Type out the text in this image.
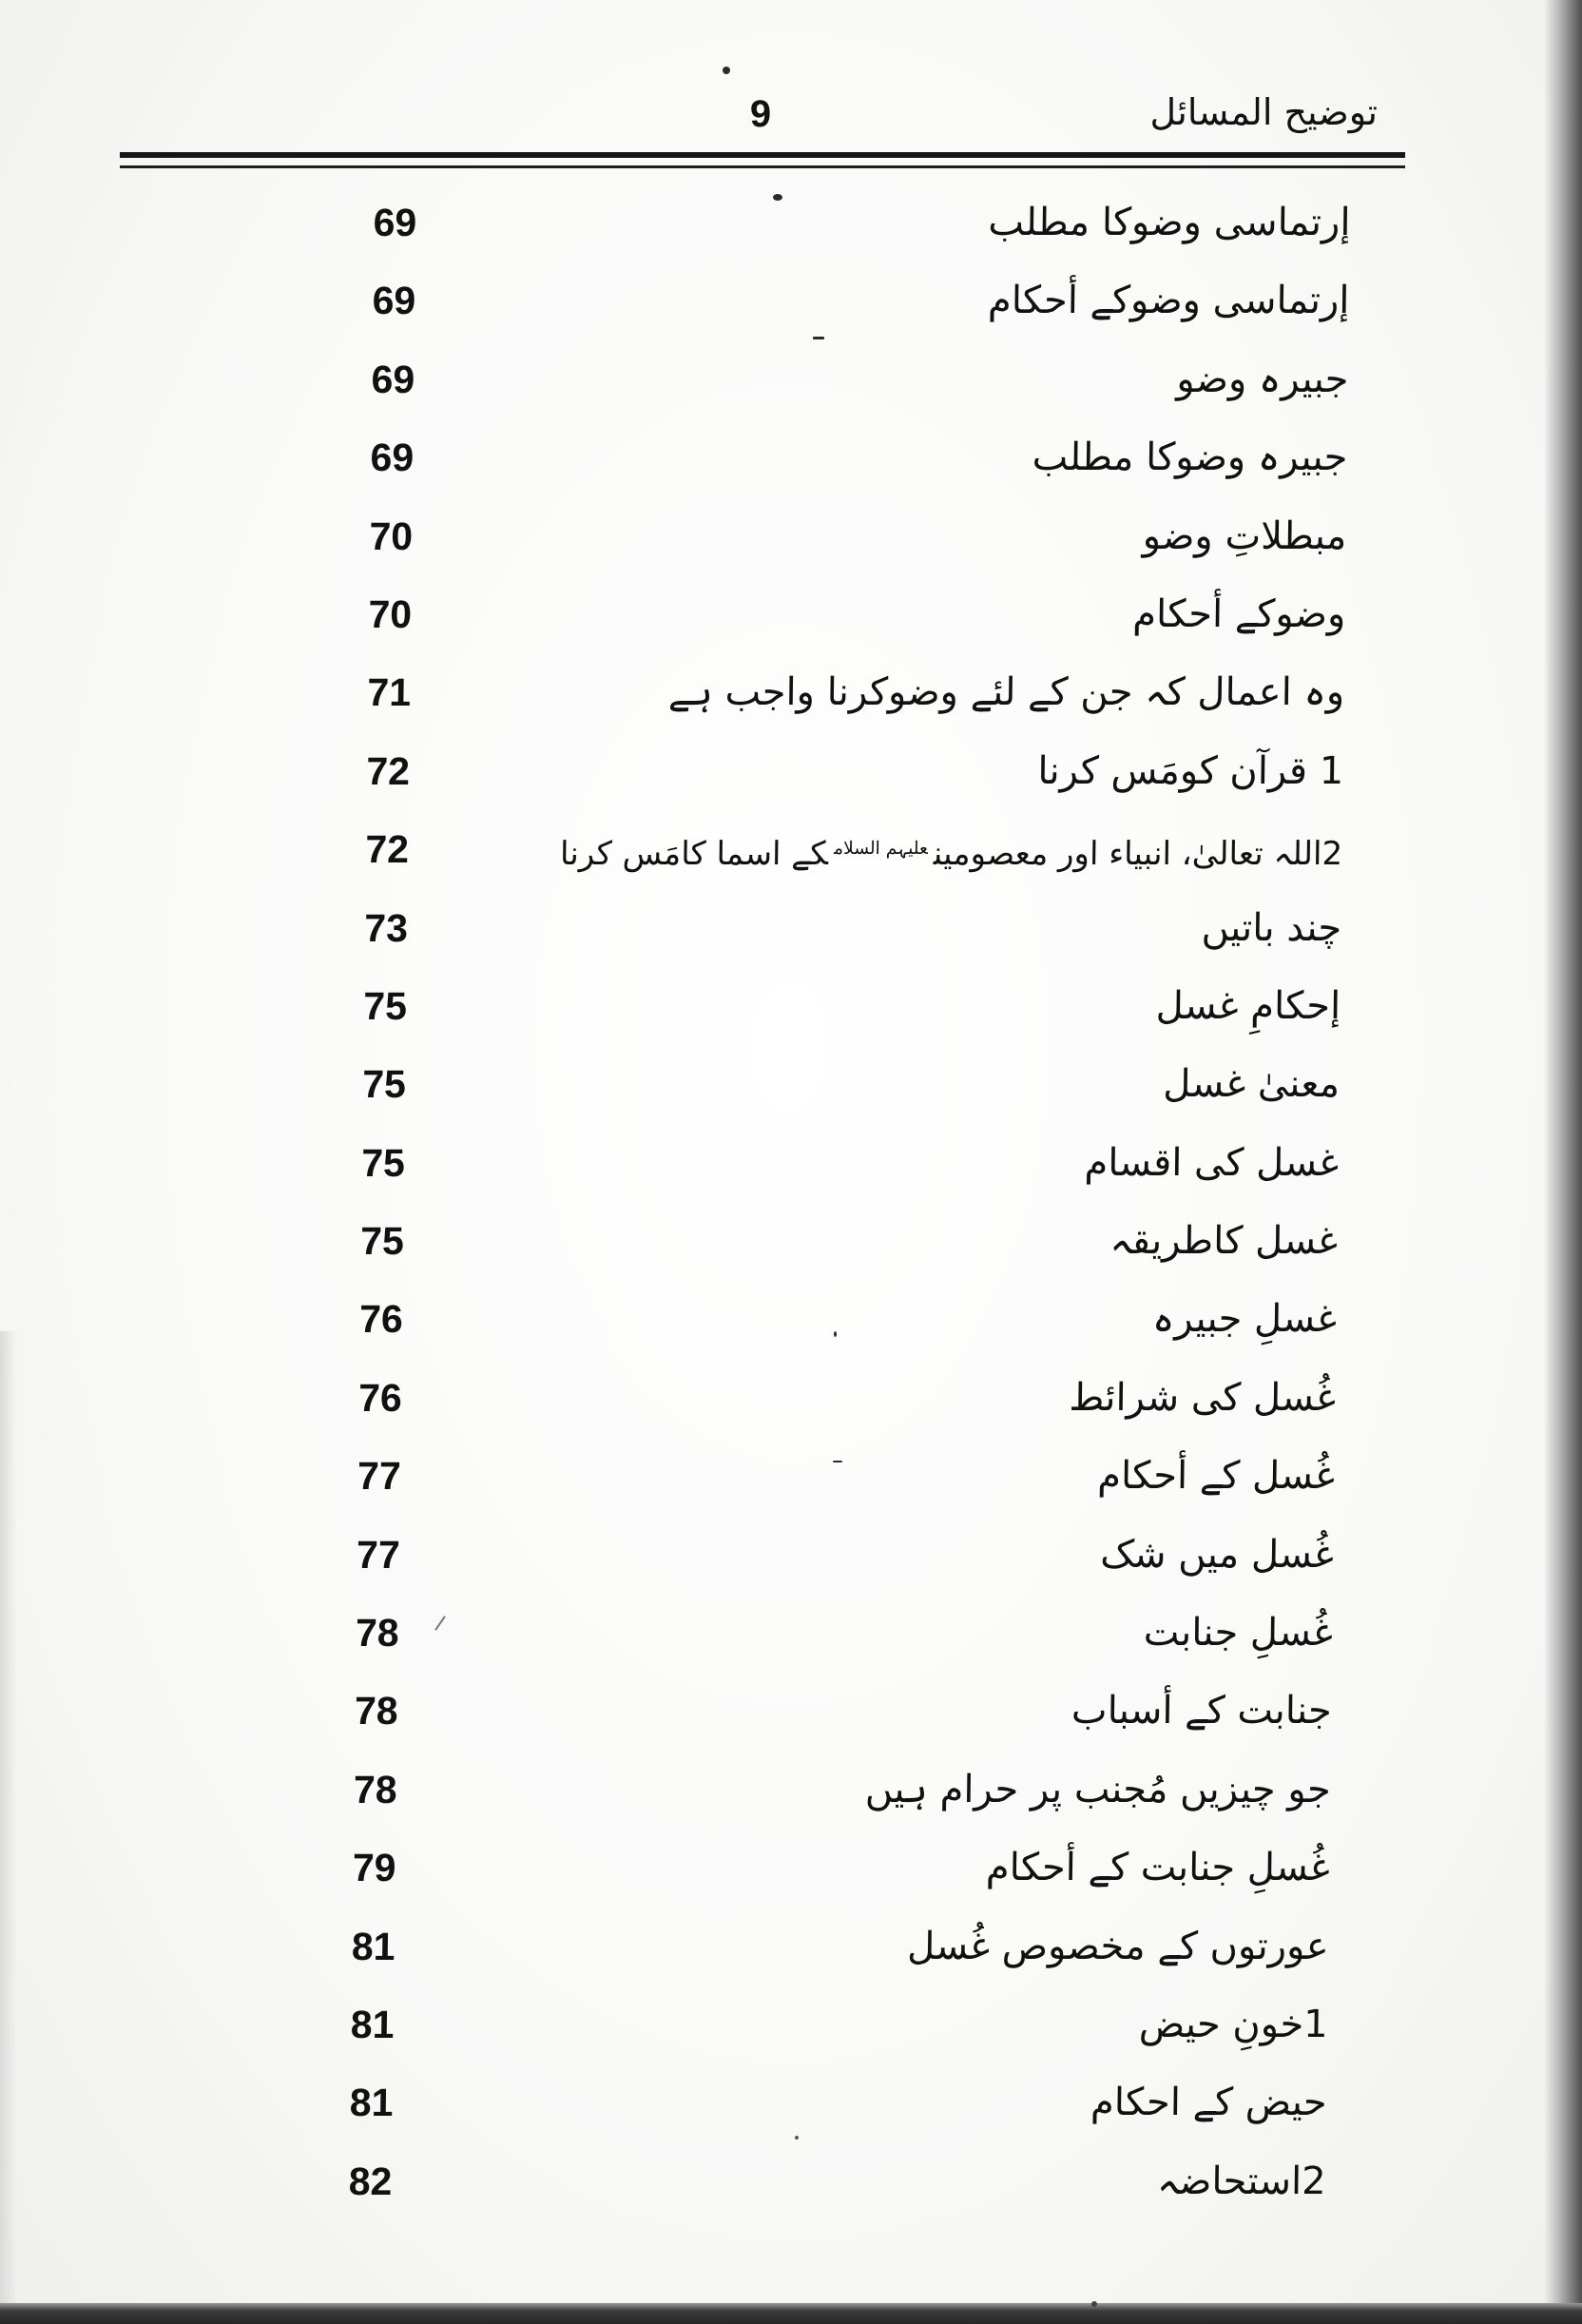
توضیح المسائل
9
إرتماسی وضوکا مطلب
69
إرتماسی وضوکے أحکام
69
جبیرہ وضو
69
جبیرہ وضوکا مطلب
69
مبطلاتِ وضو
70
وضوکے أحکام
70
وہ اعمال کہ جن کے لئے وضوکرنا واجب ہے
71
1 قرآن کومَس کرنا
72
2اللہ تعالیٰ، انبیاء اور معصومین$^{علیہم السلام}$کے اسما کامَس کرنا
72
چند باتیں
73
إحکامِ غسل
75
معنیٰ غسل
75
غسل کی اقسام
75
غسل کاطریقہ
75
غسلِ جبیرہ
76
غُسل کی شرائط
76
غُسل کے أحکام
77
غُسل میں شک
77
غُسلِ جنابت
78
جنابت کے أسباب
78
جو چیزیں مُجنب پر حرام ہیں
78
غُسلِ جنابت کے أحکام
79
عورتوں کے مخصوص غُسل
81
1خونِ حیض
81
حیض کے احکام
81
2استحاضہ
82
